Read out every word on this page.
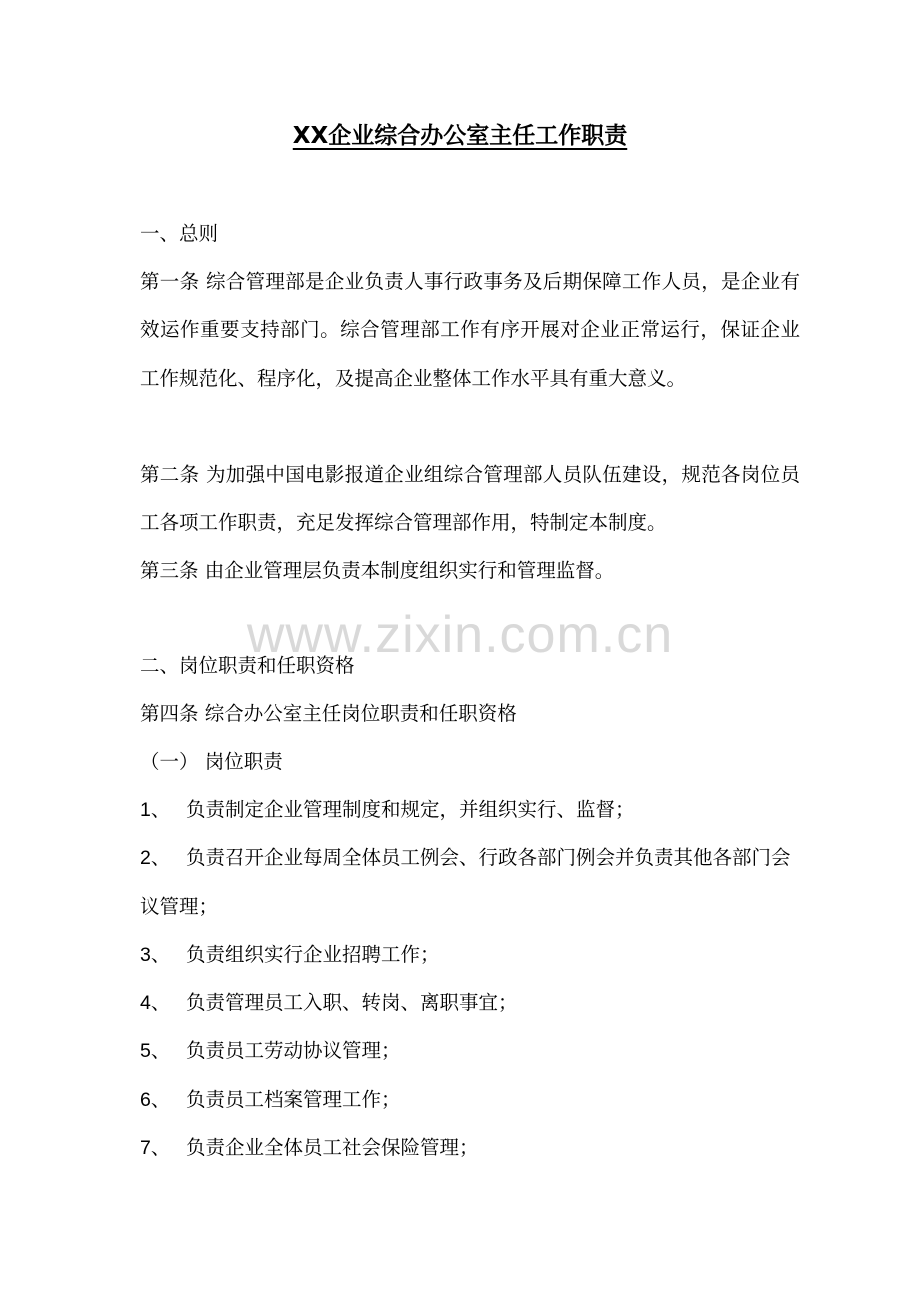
XX企业综合办公室主任工作职责

一、总则

第一条 综合管理部是企业负责人事行政事务及后期保障工作人员，是企业有效运作重要支持部门。综合管理部工作有序开展对企业正常运行，保证企业工作规范化、程序化，及提高企业整体工作水平具有重大意义。

第二条 为加强中国电影报道企业组综合管理部人员队伍建设，规范各岗位员工各项工作职责，充足发挥综合管理部作用，特制定本制度。

第三条 由企业管理层负责本制度组织实行和管理监督。

www.zixin.com.cn

二、岗位职责和任职资格

第四条 综合办公室主任岗位职责和任职资格

（一） 岗位职责

1、 负责制定企业管理制度和规定，并组织实行、监督；
2、 负责召开企业每周全体员工例会、行政各部门例会并负责其他各部门会议管理；
3、 负责组织实行企业招聘工作；
4、 负责管理员工入职、转岗、离职事宜；
5、 负责员工劳动协议管理；
6、 负责员工档案管理工作；
7、 负责企业全体员工社会保险管理；
